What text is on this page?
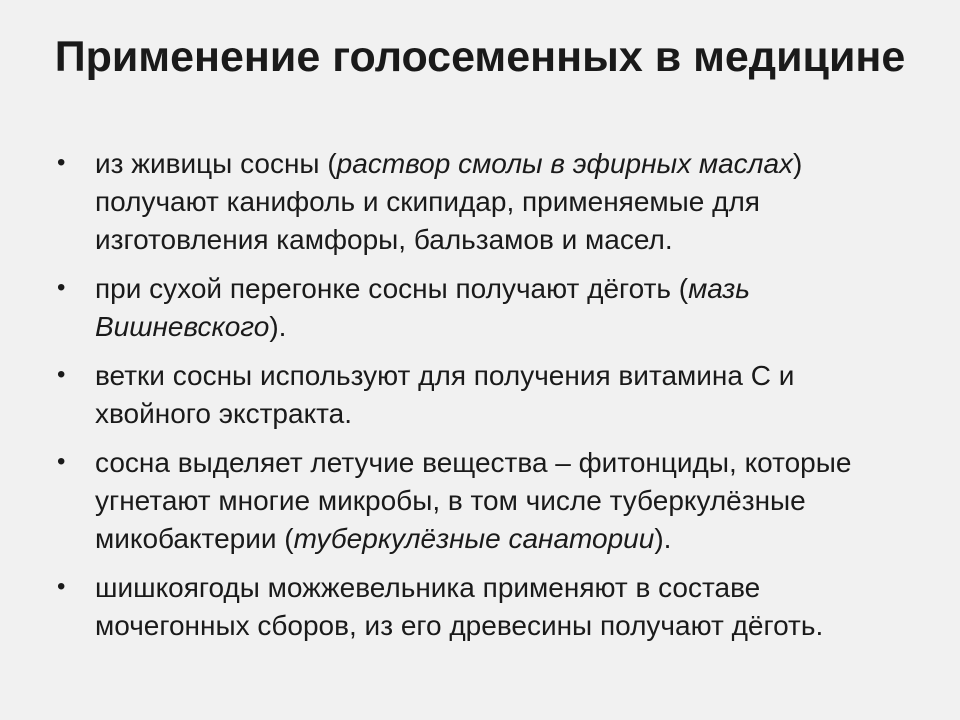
Применение голосеменных в медицине
• из живицы сосны (раствор смолы в эфирных маслах) получают канифоль и скипидар, применяемые для изготовления камфоры, бальзамов и масел.
• при сухой перегонке сосны получают дёготь (мазь Вишневского).
• ветки сосны используют для получения витамина С и хвойного экстракта.
• сосна выделяет летучие вещества – фитонциды, которые угнетают многие микробы, в том числе туберкулёзные микобактерии (туберкулёзные санатории).
• шишкоягоды можжевельника применяют в составе мочегонных сборов, из его древесины получают дёготь.
